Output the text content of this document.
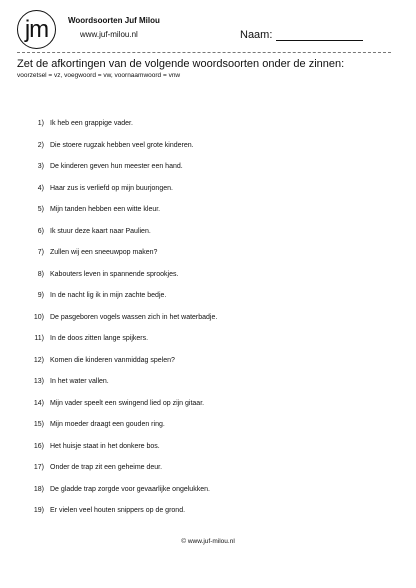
jm Woordsoorten Juf Milou
www.juf-milou.nl	Naam:
Zet de afkortingen van de volgende woordsoorten onder de zinnen:
voorzetsel = vz, voegwoord = vw, voornaamwoord = vnw
1) Ik heb een grappige vader.
2) Die stoere rugzak hebben veel grote kinderen.
3) De kinderen geven hun meester een hand.
4) Haar zus is verliefd op mijn buurjongen.
5) Mijn tanden hebben een witte kleur.
6) Ik stuur deze kaart naar Paulien.
7) Zullen wij een sneeuwpop maken?
8) Kabouters leven in spannende sprookjes.
9) In de nacht lig ik in mijn zachte bedje.
10) De pasgeboren vogels wassen zich in het waterbadje.
11) In de doos zitten lange spijkers.
12) Komen die kinderen vanmiddag spelen?
13) In het water vallen.
14) Mijn vader speelt een swingend lied op zijn gitaar.
15) Mijn moeder draagt een gouden ring.
16) Het huisje staat in het donkere bos.
17) Onder de trap zit een geheime deur.
18) De gladde trap zorgde voor gevaarlijke ongelukken.
19) Er vielen veel houten snippers op de grond.
© www.juf-milou.nl
